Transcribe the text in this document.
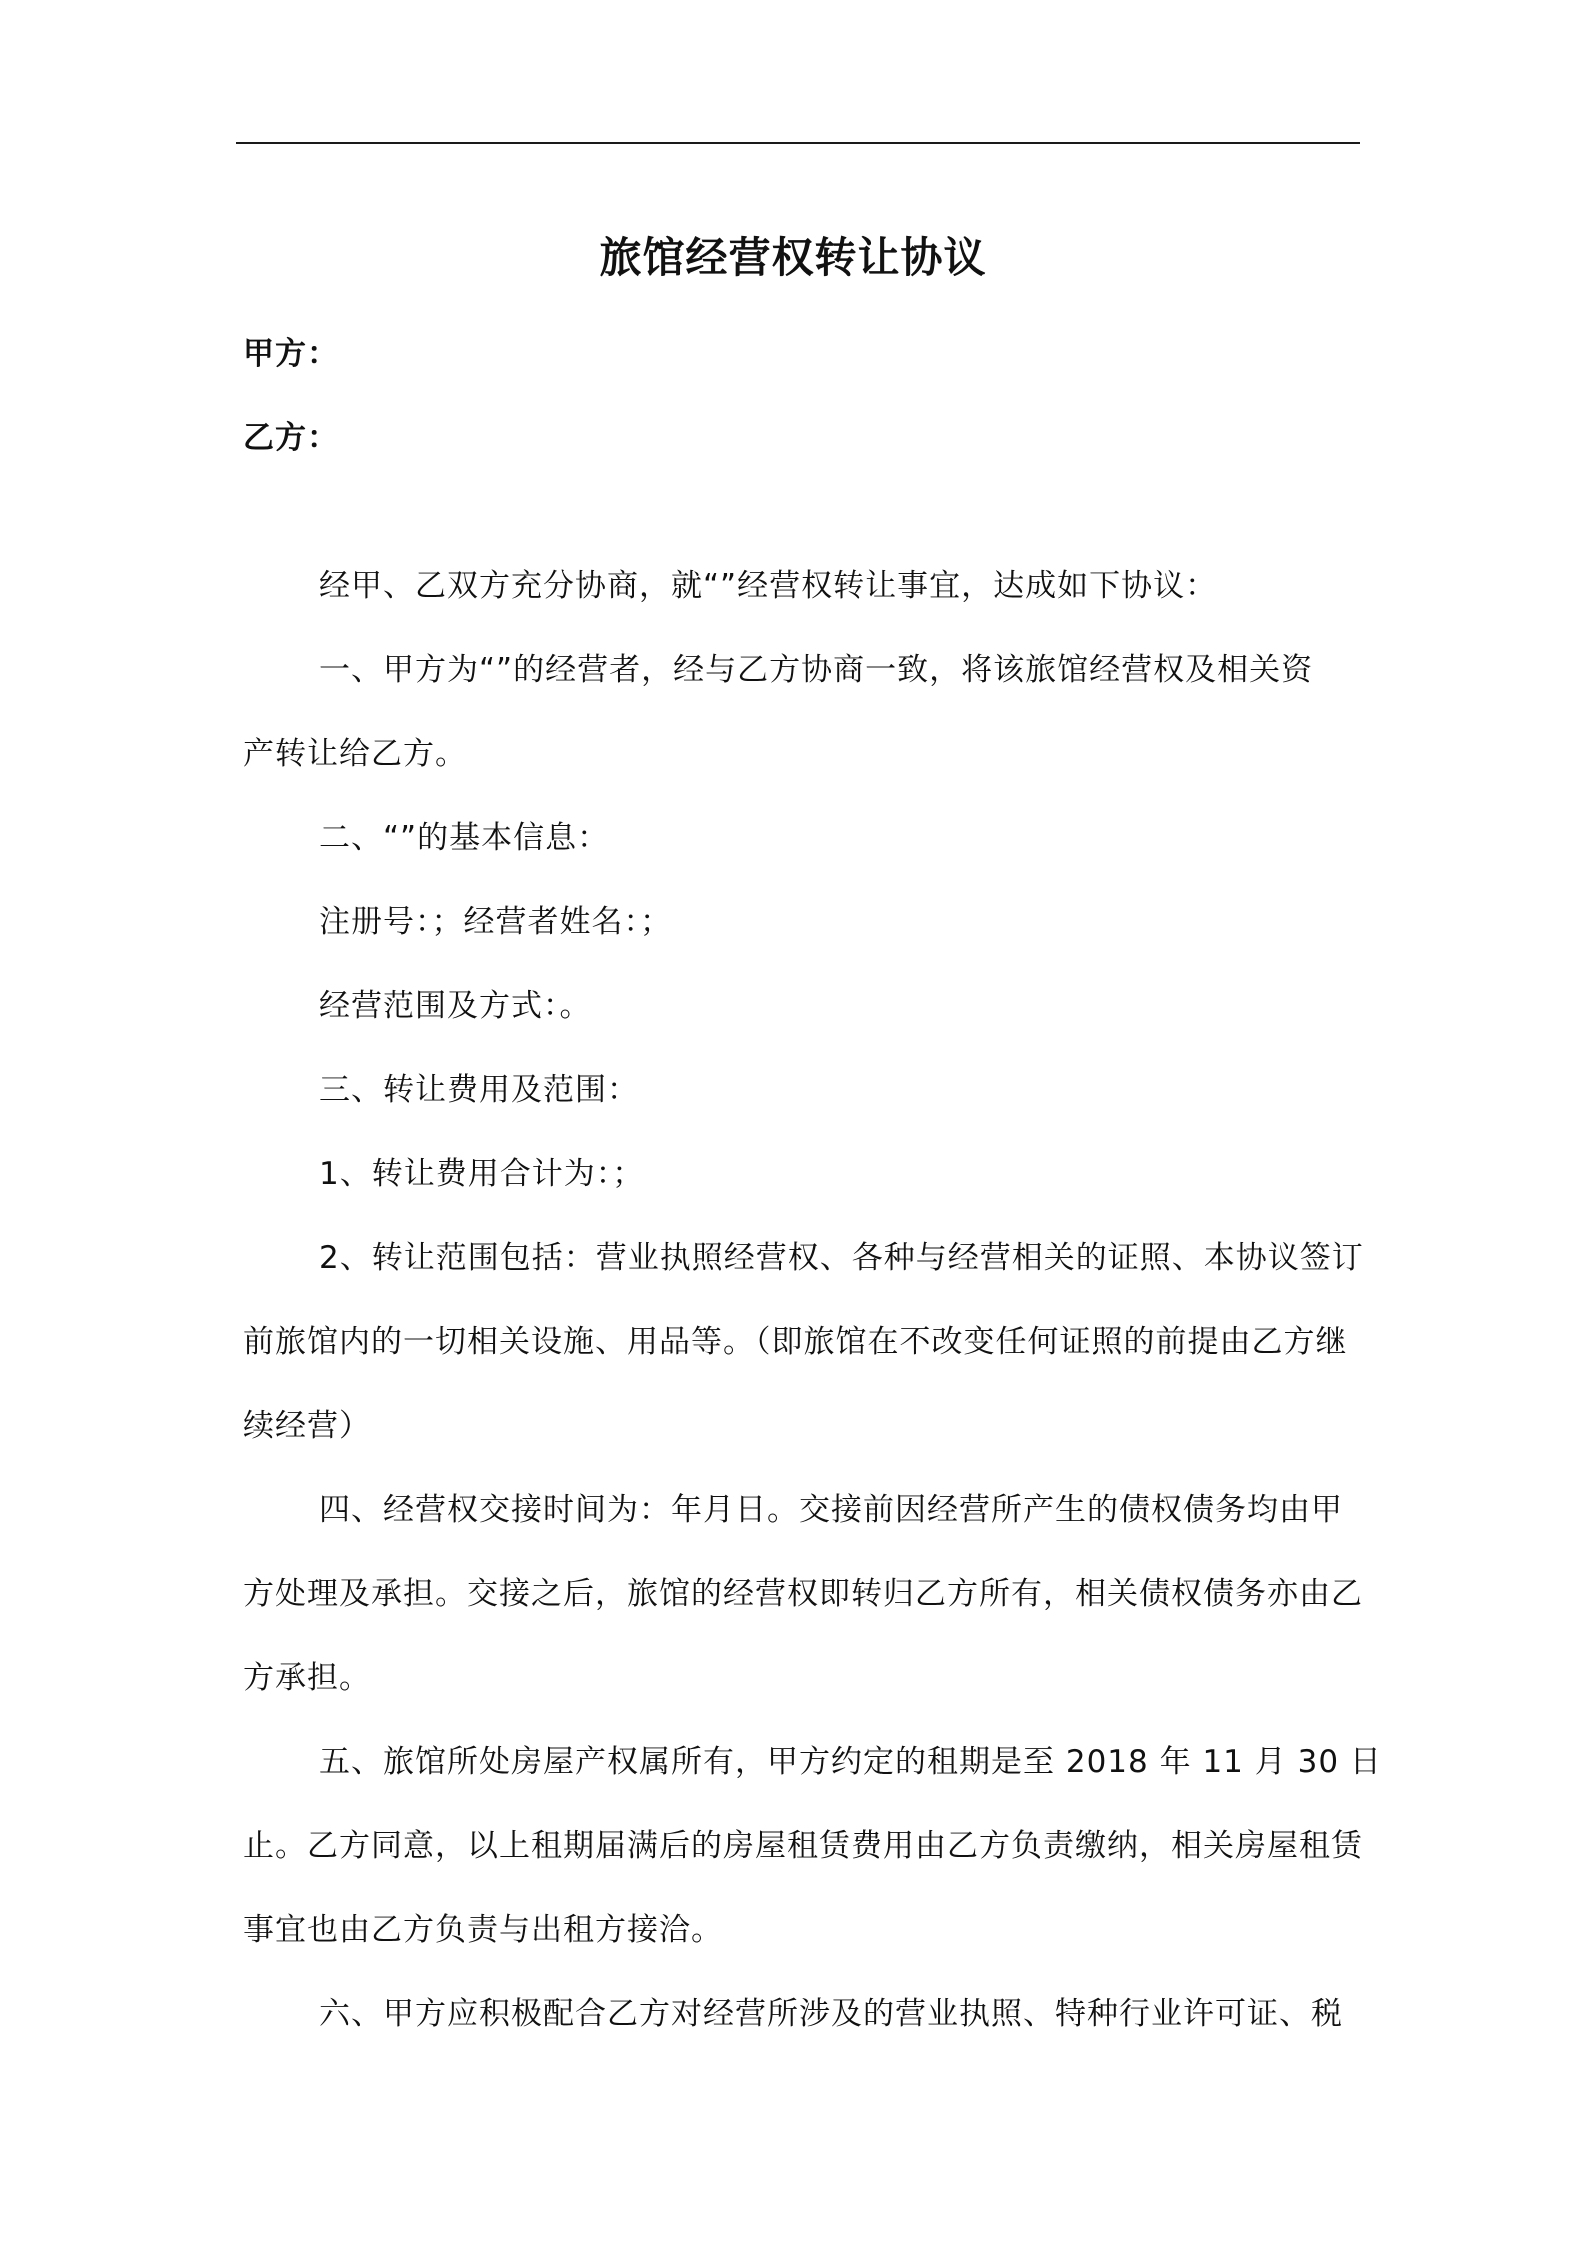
旅馆经营权转让协议
甲方：
乙方：
经甲、乙双方充分协商，就“”经营权转让事宜，达成如下协议：
一、甲方为“”的经营者，经与乙方协商一致，将该旅馆经营权及相关资
产转让给乙方。
二、“”的基本信息：
注册号：；经营者姓名：；
经营范围及方式：。
三、转让费用及范围：
1、转让费用合计为：；
2、转让范围包括：营业执照经营权、各种与经营相关的证照、本协议签订
前旅馆内的一切相关设施、用品等。（即旅馆在不改变任何证照的前提由乙方继
续经营）
四、经营权交接时间为：年月日。交接前因经营所产生的债权债务均由甲
方处理及承担。交接之后，旅馆的经营权即转归乙方所有，相关债权债务亦由乙
方承担。
五、旅馆所处房屋产权属所有，甲方约定的租期是至 2018 年 11 月 30 日
止。乙方同意，以上租期届满后的房屋租赁费用由乙方负责缴纳，相关房屋租赁
事宜也由乙方负责与出租方接洽。
六、甲方应积极配合乙方对经营所涉及的营业执照、特种行业许可证、税
